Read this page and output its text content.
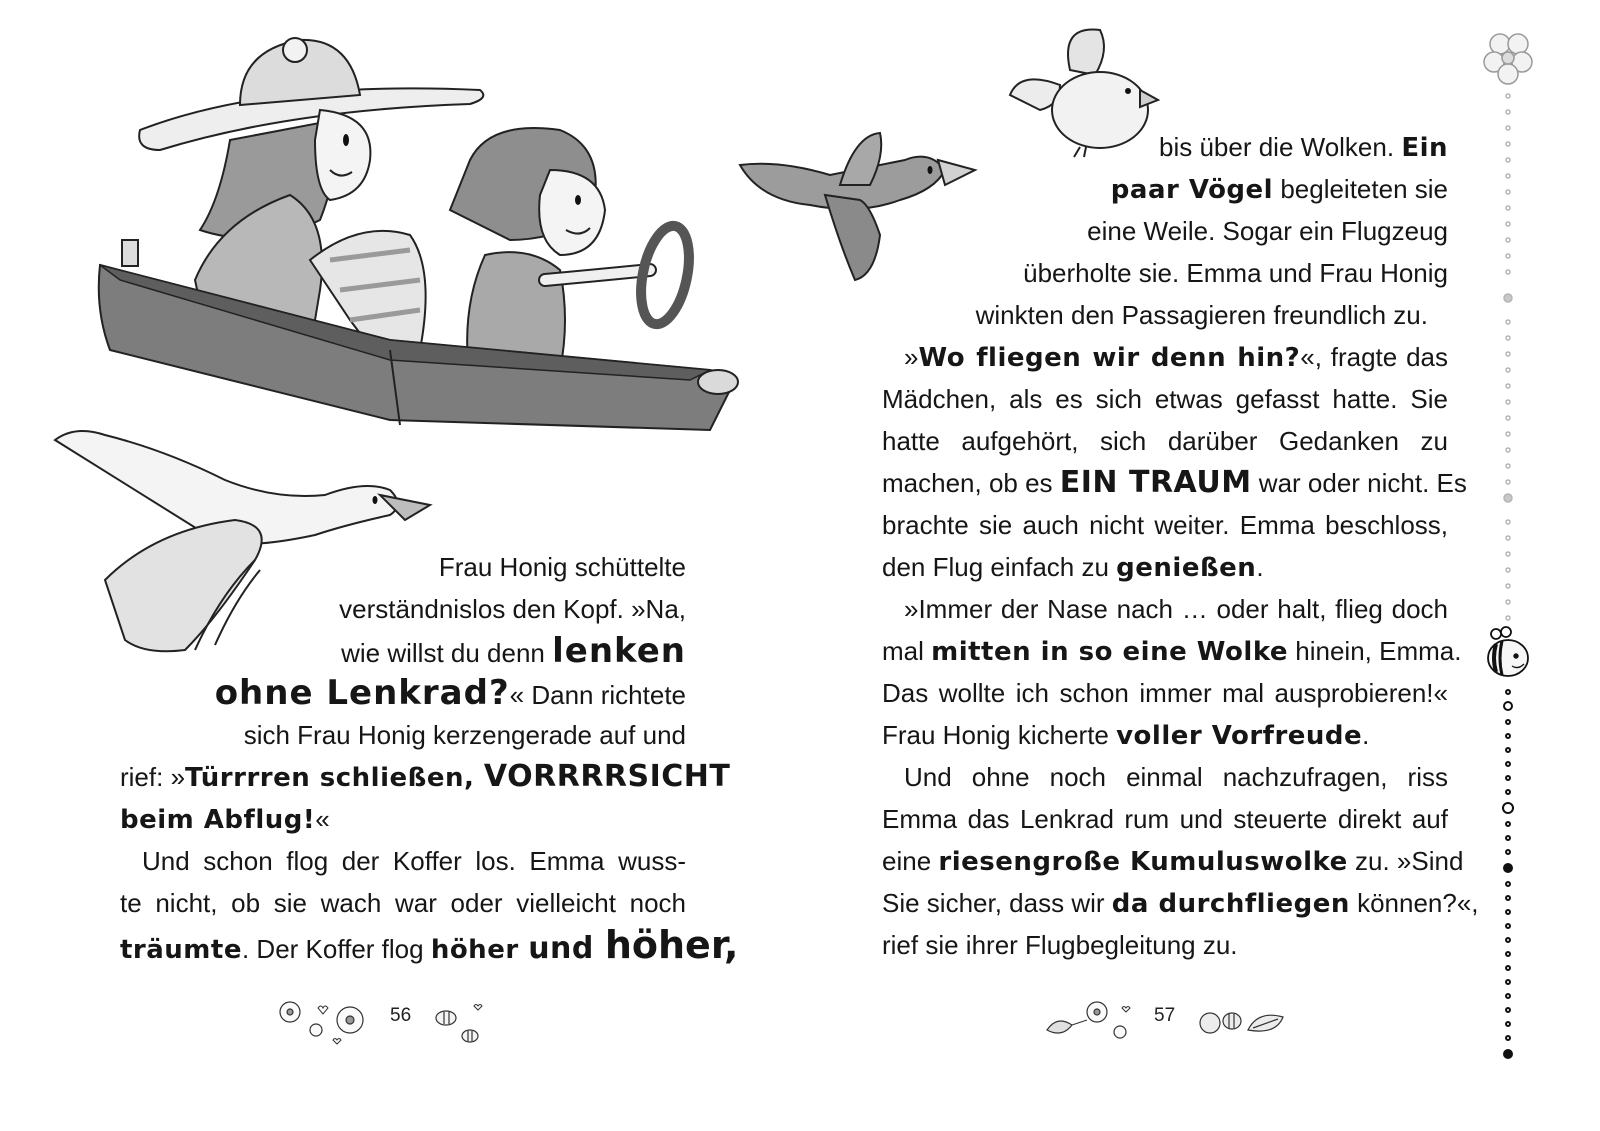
Frau Honig schüttelte
verständnislos den Kopf. »Na,
wie willst du denn lenken
ohne Lenkrad?« Dann richtete
sich Frau Honig kerzengerade auf und
rief: »Türrrren schließen, VORRRRSICHT
beim Abflug!«
Und schon flog der Koffer los. Emma wuss-
te nicht, ob sie wach war oder vielleicht noch
träumte. Der Koffer flog höher und höher,
56
bis über die Wolken. Ein
paar Vögel begleiteten sie
eine Weile. Sogar ein Flugzeug
überholte sie. Emma und Frau Honig
winkten den Passagieren freundlich zu.
»Wo fliegen wir denn hin?«, fragte das
Mädchen, als es sich etwas gefasst hatte. Sie
hatte aufgehört, sich darüber Gedanken zu
machen, ob es EIN TRAUM war oder nicht. Es
brachte sie auch nicht weiter. Emma beschloss,
den Flug einfach zu genießen.
»Immer der Nase nach … oder halt, flieg doch
mal mitten in so eine Wolke hinein, Emma.
Das wollte ich schon immer mal ausprobieren!«
Frau Honig kicherte voller Vorfreude.
Und ohne noch einmal nachzufragen, riss
Emma das Lenkrad rum und steuerte direkt auf
eine riesengroße Kumuluswolke zu. »Sind
Sie sicher, dass wir da durchfliegen können?«,
rief sie ihrer Flugbegleitung zu.
57
